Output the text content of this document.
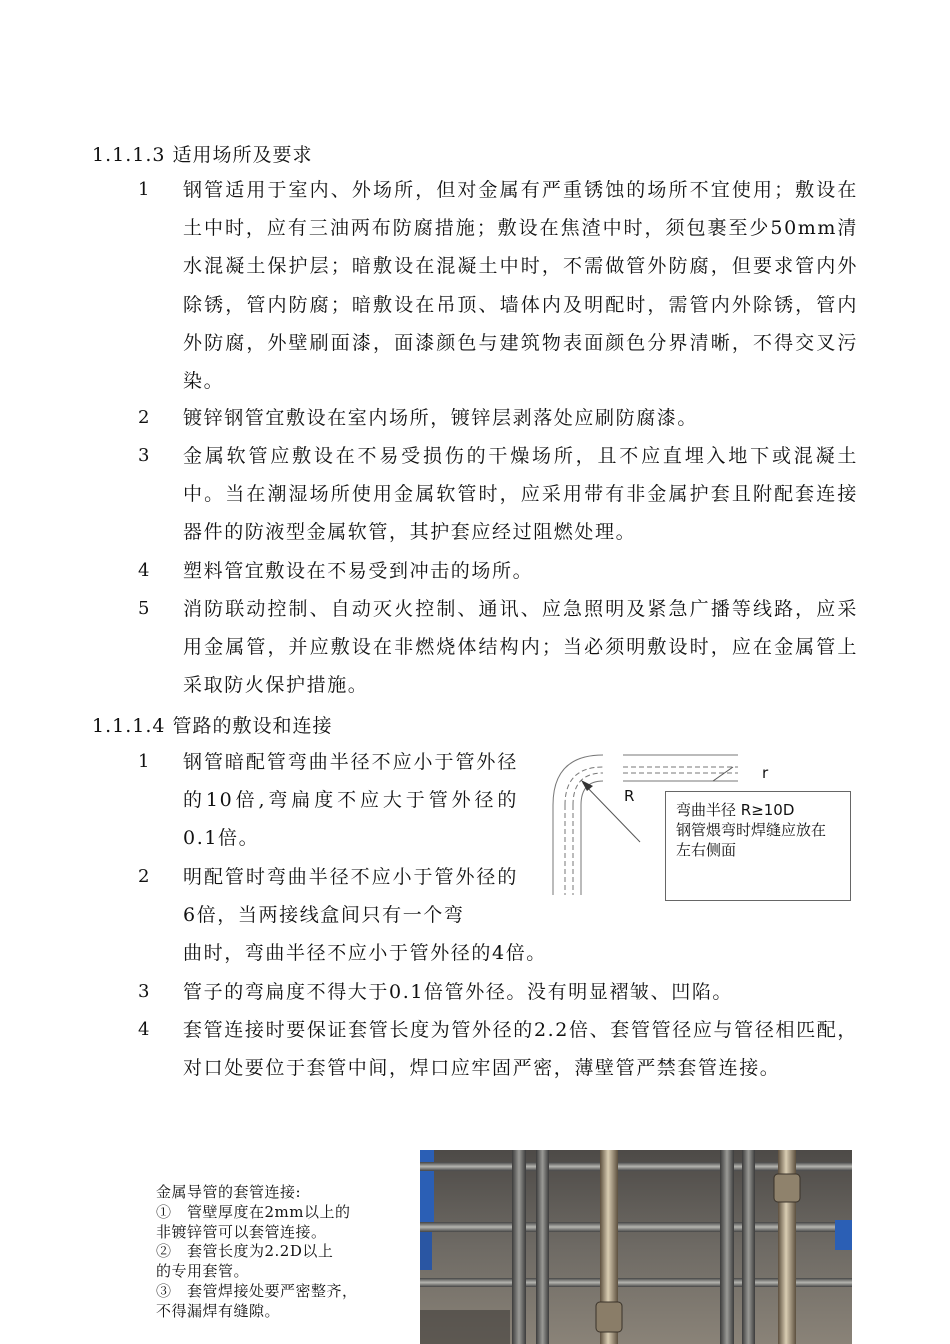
1.1.1.3 适用场所及要求
1	钢管适用于室内、外场所，但对金属有严重锈蚀的场所不宜使用；敷设在土中时，应有三油两布防腐措施；敷设在焦渣中时，须包裹至少50mm清水混凝土保护层；暗敷设在混凝土中时，不需做管外防腐，但要求管内外除锈，管内防腐；暗敷设在吊顶、墙体内及明配时，需管内外除锈，管内外防腐，外壁刷面漆，面漆颜色与建筑物表面颜色分界清晰，不得交叉污染。
2	镀锌钢管宜敷设在室内场所，镀锌层剥落处应刷防腐漆。
3	金属软管应敷设在不易受损伤的干燥场所，且不应直埋入地下或混凝土中。当在潮湿场所使用金属软管时，应采用带有非金属护套且附配套连接器件的防液型金属软管，其护套应经过阻燃处理。
4	塑料管宜敷设在不易受到冲击的场所。
5	消防联动控制、自动灭火控制、通讯、应急照明及紧急广播等线路，应采用金属管，并应敷设在非燃烧体结构内；当必须明敷设时，应在金属管上采取防火保护措施。
1.1.1.4 管路的敷设和连接
1	钢管暗配管弯曲半径不应小于管外径的10倍,弯扁度不应大于管外径的0.1倍。
2	明配管时弯曲半径不应小于管外径的6倍，当两接线盒间只有一个弯
曲时，弯曲半径不应小于管外径的4倍。
3	管子的弯扁度不得大于0.1倍管外径。没有明显褶皱、凹陷。
4	套管连接时要保证套管长度为管外径的2.2倍、套管管径应与管径相匹配，对口处要位于套管中间，焊口应牢固严密，薄壁管严禁套管连接。
r
R
弯曲半径 R≥10D
钢管煨弯时焊缝应放在
左右侧面
金属导管的套管连接:
①　管壁厚度在2mm以上的
非镀锌管可以套管连接。
②　套管长度为2.2D以上
的专用套管。
③　套管焊接处要严密整齐，
不得漏焊有缝隙。
